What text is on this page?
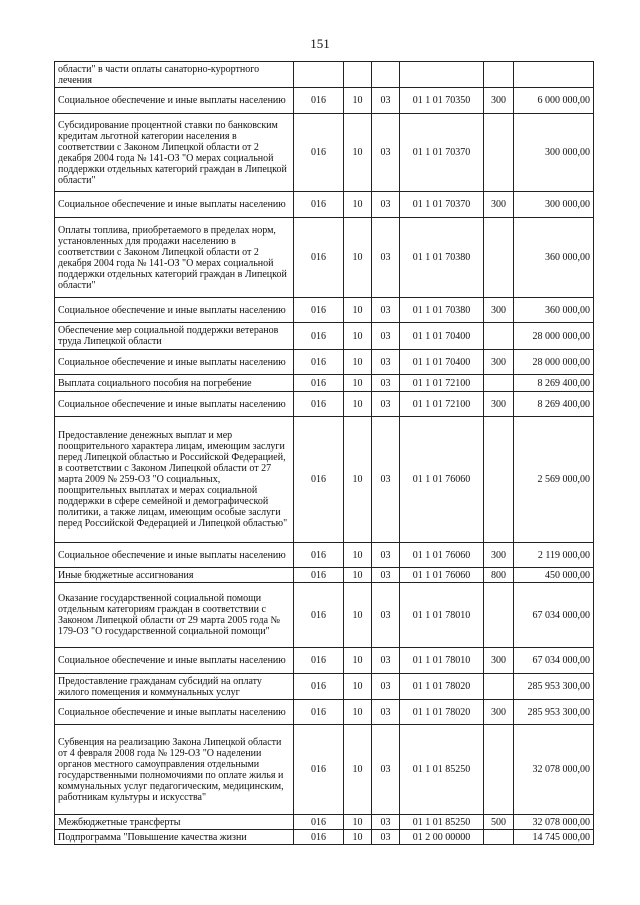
151
области" в части оплаты санаторно-курортного лечения						
Социальное обеспечение и иные выплаты населению	016	10	03	01 1 01 70350	300	6 000 000,00
Субсидирование процентной ставки по банковским кредитам льготной категории населения в соответствии с Законом Липецкой области от 2 декабря 2004 года № 141-ОЗ "О мерах социальной поддержки отдельных категорий граждан в Липецкой области"	016	10	03	01 1 01 70370		300 000,00
Социальное обеспечение и иные выплаты населению	016	10	03	01 1 01 70370	300	300 000,00
Оплаты топлива, приобретаемого в пределах норм, установленных для продажи населению в соответствии с Законом Липецкой области от 2 декабря 2004 года № 141-ОЗ "О мерах социальной поддержки отдельных категорий граждан в Липецкой области"	016	10	03	01 1 01 70380		360 000,00
Социальное обеспечение и иные выплаты населению	016	10	03	01 1 01 70380	300	360 000,00
Обеспечение мер социальной поддержки ветеранов труда Липецкой области	016	10	03	01 1 01 70400		28 000 000,00
Социальное обеспечение и иные выплаты населению	016	10	03	01 1 01 70400	300	28 000 000,00
Выплата социального пособия на погребение	016	10	03	01 1 01 72100		8 269 400,00
Социальное обеспечение и иные выплаты населению	016	10	03	01 1 01 72100	300	8 269 400,00
Предоставление денежных выплат и мер поощрительного характера лицам, имеющим заслуги перед Липецкой областью и Российской Федерацией, в соответствии с Законом Липецкой области от 27 марта 2009 № 259-ОЗ "О социальных, поощрительных выплатах и мерах социальной поддержки в сфере семейной и демографической политики, а также лицам, имеющим особые заслуги перед Российской Федерацией и Липецкой областью"	016	10	03	01 1 01 76060		2 569 000,00
Социальное обеспечение и иные выплаты населению	016	10	03	01 1 01 76060	300	2 119 000,00
Иные бюджетные ассигнования	016	10	03	01 1 01 76060	800	450 000,00
Оказание государственной социальной помощи отдельным категориям граждан в соответствии с Законом Липецкой области от 29 марта 2005 года № 179-ОЗ "О государственной социальной помощи"	016	10	03	01 1 01 78010		67 034 000,00
Социальное обеспечение и иные выплаты населению	016	10	03	01 1 01 78010	300	67 034 000,00
Предоставление гражданам субсидий на оплату жилого помещения и коммунальных услуг	016	10	03	01 1 01 78020		285 953 300,00
Социальное обеспечение и иные выплаты населению	016	10	03	01 1 01 78020	300	285 953 300,00
Субвенция на реализацию Закона Липецкой области от 4 февраля 2008 года № 129-ОЗ "О наделении органов местного самоуправления отдельными государственными полномочиями по оплате жилья и коммунальных услуг педагогическим, медицинским, работникам культуры и искусства"	016	10	03	01 1 01 85250		32 078 000,00
Межбюджетные трансферты	016	10	03	01 1 01 85250	500	32 078 000,00
Подпрограмма "Повышение качества жизни	016	10	03	01 2 00 00000		14 745 000,00
